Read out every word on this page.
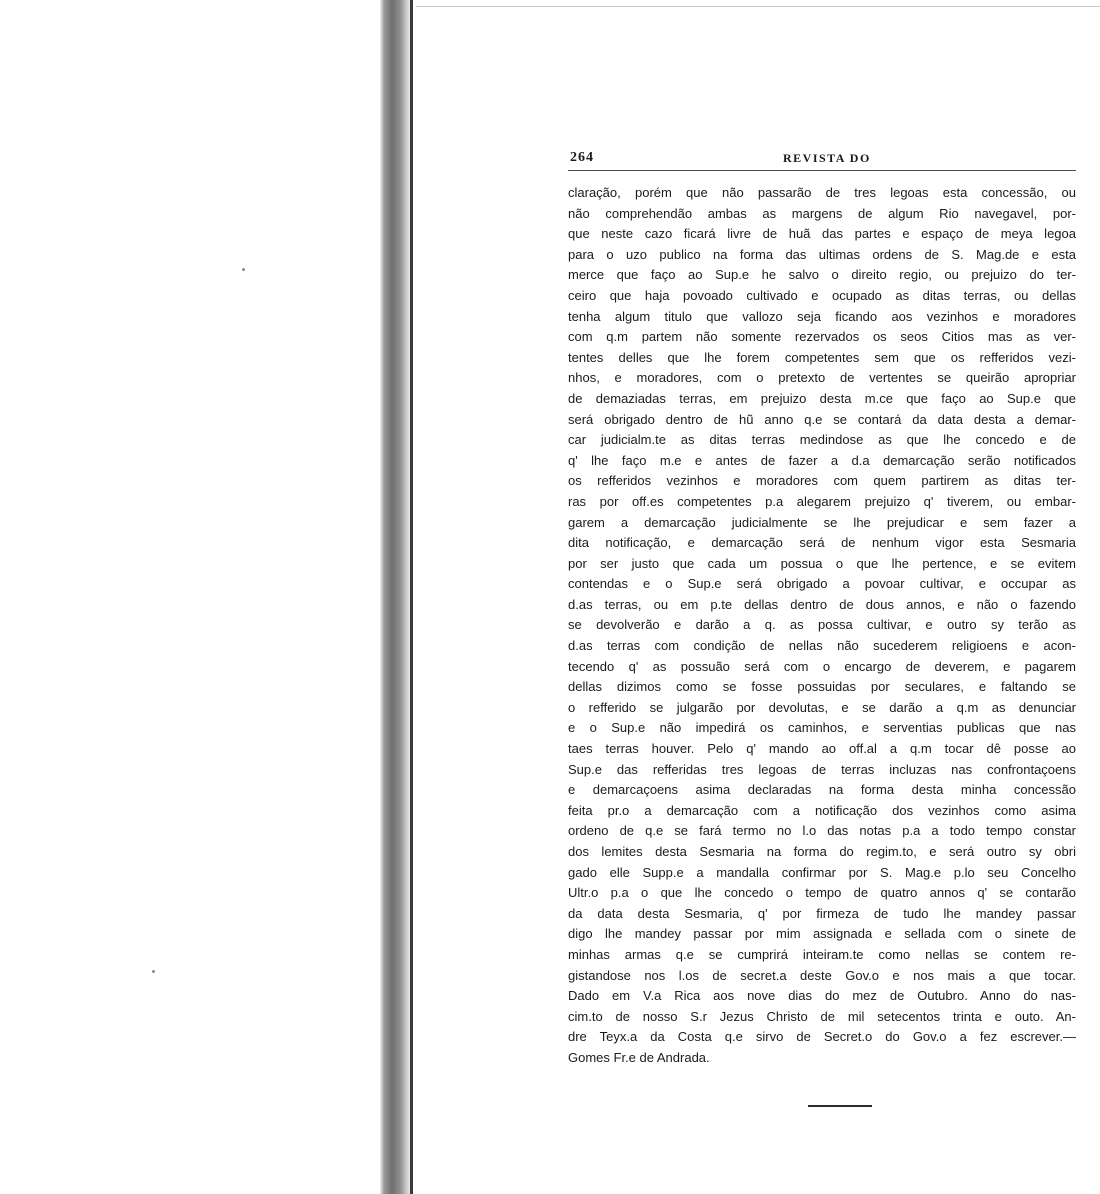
264	REVISTA DO
claração, porém que não passarão de tres legoas esta concessão, ou
não comprehendão ambas as margens de algum Rio navegavel, por-
que neste cazo ficará livre de huã das partes e espaço de meya legoa
para o uzo publico na forma das ultimas ordens de S. Mag.de e esta
merce que faço ao Sup.e he salvo o direito regio, ou prejuizo do ter-
ceiro que haja povoado cultivado e ocupado as ditas terras, ou dellas
tenha algum titulo que vallozo seja ficando aos vezinhos e moradores
com q.m partem não somente rezervados os seos Citios mas as ver-
tentes delles que lhe forem competentes sem que os refferidos vezi-
nhos, e moradores, com o pretexto de vertentes se queirão apropriar
de demaziadas terras, em prejuizo desta m.ce que faço ao Sup.e que
será obrigado dentro de hũ anno q.e se contará da data desta a demar-
car judicialm.te as ditas terras medindose as que lhe concedo e de
q' lhe faço m.e e antes de fazer a d.a demarcação serão notificados
os refferidos vezinhos e moradores com quem partirem as ditas ter-
ras por off.es competentes p.a alegarem prejuizo q' tiverem, ou embar-
garem a demarcação judicialmente se lhe prejudicar e sem fazer a
dita notificação, e demarcação será de nenhum vigor esta Sesmaria
por ser justo que cada um possua o que lhe pertence, e se evitem
contendas e o Sup.e será obrigado a povoar cultivar, e occupar as
d.as terras, ou em p.te dellas dentro de dous annos, e não o fazendo
se devolverão e darão a q. as possa cultivar, e outro sy terão as
d.as terras com condição de nellas não sucederem religioens e acon-
tecendo q' as possuão será com o encargo de deverem, e pagarem
dellas dizimos como se fosse possuidas por seculares, e faltando se
o refferido se julgarão por devolutas, e se darão a q.m as denunciar
e o Sup.e não impedirá os caminhos, e serventias publicas que nas
taes terras houver. Pelo q' mando ao off.al a q.m tocar dê posse ao
Sup.e das refferidas tres legoas de terras incluzas nas confrontaçoens
e demarcaçoens asima declaradas na forma desta minha concessão
feita pr.o a demarcação com a notificação dos vezinhos como asima
ordeno de q.e se fará termo no l.o das notas p.a a todo tempo constar
dos lemites desta Sesmaria na forma do regim.to, e será outro sy obri
gado elle Supp.e a mandalla confirmar por S. Mag.e p.lo seu Concelho
Ultr.o p.a o que lhe concedo o tempo de quatro annos q' se contarão
da data desta Sesmaria, q' por firmeza de tudo lhe mandey passar
digo lhe mandey passar por mim assignada e sellada com o sinete de
minhas armas q.e se cumprirá inteiram.te como nellas se contem re-
gistandose nos l.os de secret.a deste Gov.o e nos mais a que tocar.
Dado em V.a Rica aos nove dias do mez de Outubro. Anno do nas-
cim.to de nosso S.r Jezus Christo de mil setecentos trinta e outo. An-
dre Teyx.a da Costa q.e sirvo de Secret.o do Gov.o a fez escrever.—
Gomes Fr.e de Andrada.
